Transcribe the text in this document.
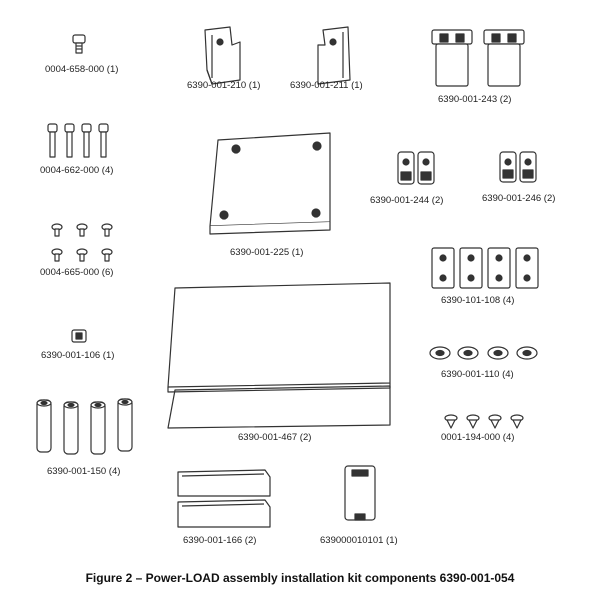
0004-658-000 (1)
6390-001-210 (1)	6390-001-211 (1)
6390-001-243 (2)
0004-662-000 (4)
6390-001-225 (1)
6390-001-244 (2)	6390-001-246 (2)
0004-665-000 (6)
6390-101-108 (4)
6390-001-106 (1)
6390-001-110 (4)
6390-001-467 (2)	0001-194-000 (4)
6390-001-150 (4)
6390-001-166 (2)	639000010101 (1)
Figure 2 – Power-LOAD assembly installation kit components 6390-001-054
